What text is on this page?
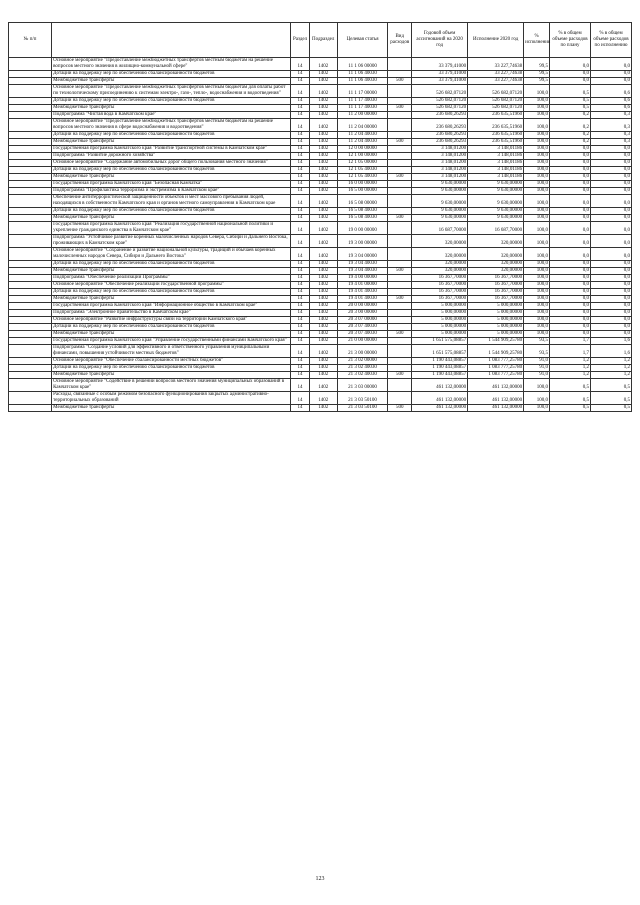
№ п/п		Раздел	Подраздел	Целевая статья	Вид расходов	Годовой объем ассигнований на 2020 год	Исполнение 2020 год	% исполнения	% в общем объеме расходов по плану	% в общем объеме расходов по исполнению
	Основное мероприятие "Предоставление межбюджетных трансфертов местным бюджетам на решение вопросов местного значения в жилищно-коммунальной сфере"	14	1402	11 1 06 00000		33 379,41000	33 227,74638	99,5	0,0	0,0
	Дотации на поддержку мер по обеспечению сбалансированности бюджетов	14	1402	11 1 06 40030		33 379,41000	33 227,74638	99,5	0,0	0,0
	Межбюджетные трансферты	14	1402	11 1 06 40030	500	33 379,41000	33 227,74638	99,5	0,0	0,0
	Основное мероприятие "Предоставление межбюджетных трансфертов местным бюджетам для оплаты работ по технологическому присоединению к системам электро-, газо-, тепло-, водоснабжения и водоотведения"	14	1402	11 1 17 00000		526 682,07120	526 682,07120	100,0	0,5	0,6
	Дотации на поддержку мер по обеспечению сбалансированности бюджетов	14	1402	11 1 17 40030		526 682,07120	526 682,07120	100,0	0,5	0,6
	Межбюджетные трансферты	14	1402	11 1 17 40030	500	526 682,07120	526 682,07120	100,0	0,5	0,6
	Подпрограмма "Чистая вода в Камчатском крае"	14	1402	11 2 00 00000		236 680,26293	236 635,51960	100,0	0,2	0,3
	Основное мероприятие "Предоставление межбюджетных трансфертов местным бюджетам на решение вопросов местного значения в сфере водоснабжения и водоотведения"	14	1402	11 2 04 00000		236 680,26293	236 635,51960	100,0	0,2	0,3
	Дотации на поддержку мер по обеспечению сбалансированности бюджетов	14	1402	11 2 04 40030		236 680,26293	236 635,51960	100,0	0,2	0,3
	Межбюджетные трансферты	14	1402	11 2 04 40030	500	236 680,26293	236 635,51960	100,0	0,2	0,3
	Государственная программа Камчатского края "Развитие транспортной системы в Камчатском крае"	14	1402	12 0 00 00000		3 148,01200	3 148,01186	100,0	0,0	0,0
	Подпрограмма "Развитие дорожного хозяйства"	14	1402	12 1 00 00000		3 148,01200	3 148,01186	100,0	0,0	0,0
	Основное мероприятие "Содержание автомобильных дорог общего пользования местного значения"	14	1402	12 1 05 00000		3 148,01200	3 148,01186	100,0	0,0	0,0
	Дотации на поддержку мер по обеспечению сбалансированности бюджетов	14	1402	12 1 05 40030		3 148,01200	3 148,01186	100,0	0,0	0,0
	Межбюджетные трансферты	14	1402	12 1 05 40030	500	3 148,01200	3 148,01186	100,0	0,0	0,0
	Государственная программа Камчатского края "Безопасная Камчатка"	14	1402	16 0 00 00000		9 630,00000	9 630,00000	100,0	0,0	0,0
	Подпрограмма "Профилактика терроризма и экстремизма в Камчатском крае"	14	1402	16 5 00 00000		9 630,00000	9 630,00000	100,0	0,0	0,0
	Обеспечение антитеррористической защищенности объектов и мест массового пребывания людей, находящихся в собственности Камчатского края и органов местного самоуправления в Камчатском крае	14	1402	16 5 08 00000		9 630,00000	9 630,00000	100,0	0,0	0,0
	Дотации на поддержку мер по обеспечению сбалансированности бюджетов	14	1402	16 5 08 40030		9 630,00000	9 630,00000	100,0	0,0	0,0
	Межбюджетные трансферты	14	1402	16 5 08 40030	500	9 630,00000	9 630,00000	100,0	0,0	0,0
	Государственная программа Камчатского края "Реализация государственной национальной политики и укрепление гражданского единства в Камчатском крае"	14	1402	19 0 00 00000		16 687,70000	16 687,70000	100,0	0,0	0,0
	Подпрограмма "Устойчивое развитие коренных малочисленных народов Севера, Сибири и Дальнего Востока, проживающих в Камчатском крае"	14	1402	19 3 00 00000		320,00000	320,00000	100,0	0,0	0,0
	Основное мероприятие "Сохранение и развитие национальной культуры, традиций и обычаев коренных малочисленных народов Севера, Сибири и Дальнего Востока"	14	1402	19 3 04 00000		320,00000	320,00000	100,0	0,0	0,0
	Дотации на поддержку мер по обеспечению сбалансированности бюджетов	14	1402	19 3 04 40030		320,00000	320,00000	100,0	0,0	0,0
	Межбюджетные трансферты	14	1402	19 3 04 40030	500	320,00000	320,00000	100,0	0,0	0,0
	Подпрограмма "Обеспечение реализации Программы"	14	1402	19 4 00 00000		16 367,70000	16 367,70000	100,0	0,0	0,0
	Основное мероприятие "Обеспечение реализации государственной программы"	14	1402	19 4 01 00000		16 367,70000	16 367,70000	100,0	0,0	0,0
	Дотации на поддержку мер по обеспечению сбалансированности бюджетов	14	1402	19 4 01 40030		16 367,70000	16 367,70000	100,0	0,0	0,0
	Межбюджетные трансферты	14	1402	19 4 01 40030	500	16 367,70000	16 367,70000	100,0	0,0	0,0
	Государственная программа Камчатского края "Информационное общество в Камчатском крае"	14	1402	20 0 00 00000		5 000,00000	5 000,00000	100,0	0,0	0,0
	Подпрограмма "Электронное правительство в Камчатском крае"	14	1402	20 3 00 00000		5 000,00000	5 000,00000	100,0	0,0	0,0
	Основное мероприятие "Развитие инфраструктуры связи на территории Камчатского края"	14	1402	20 3 07 00000		5 000,00000	5 000,00000	100,0	0,0	0,0
	Дотации на поддержку мер по обеспечению сбалансированности бюджетов	14	1402	20 3 07 40030		5 000,00000	5 000,00000	100,0	0,0	0,0
	Межбюджетные трансферты	14	1402	20 3 07 40030	500	5 000,00000	5 000,00000	100,0	0,0	0,0
	Государственная программа Камчатского края "Управление государственными финансами Камчатского края"	14	1402	21 0 00 00000		1 651 575,08857	1 544 909,25780	93,5	1,7	1,6
	Подпрограмма "Создание условий для эффективного и ответственного управления муниципальными финансами, повышения устойчивости местных бюджетов"	14	1402	21 3 00 00000		1 651 575,08857	1 544 909,25780	93,5	1,7	1,6
	Основное мероприятие "Обеспечение сбалансированности местных бюджетов"	14	1402	21 3 02 00000		1 190 443,08857	1 083 777,25780	91,0	1,2	1,2
	Дотации на поддержку мер по обеспечению сбалансированности бюджетов	14	1402	21 3 02 40030		1 190 443,08857	1 083 777,25780	91,0	1,2	1,2
	Межбюджетные трансферты	14	1402	21 3 02 40030	500	1 190 443,08857	1 083 777,25780	91,0	1,2	1,2
	Основное мероприятие "Содействие в решении вопросов местного значения муниципальных образований в Камчатском крае"	14	1402	21 3 03 00000		461 132,00000	461 132,00000	100,0	0,5	0,5
	Расходы, связанные с особым режимом безопасного функционирования закрытых административно-территориальных образований	14	1402	21 3 03 50100		461 132,00000	461 132,00000	100,0	0,5	0,5
	Межбюджетные трансферты	14	1402	21 3 03 50100	500	461 132,00000	461 132,00000	100,0	0,5	0,5
123
